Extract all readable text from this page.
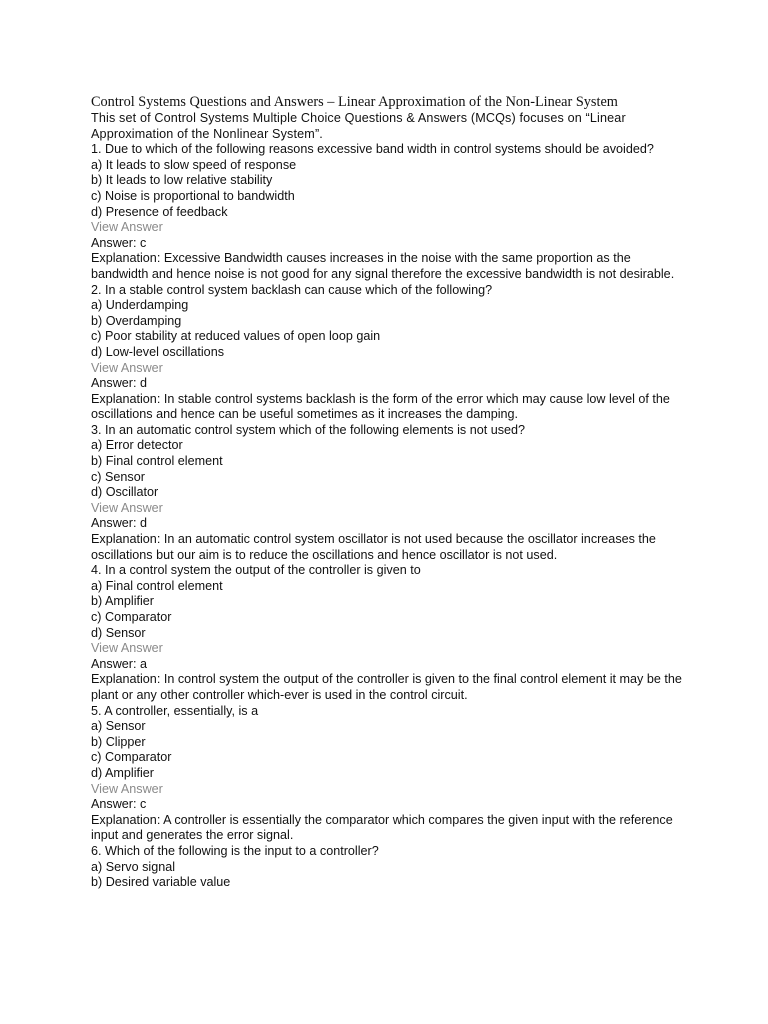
Control Systems Questions and Answers – Linear Approximation of the Non-Linear System
This set of Control Systems Multiple Choice Questions & Answers (MCQs) focuses on “Linear Approximation of the Nonlinear System”.
1. Due to which of the following reasons excessive band width in control systems should be avoided?
a) It leads to slow speed of response
b) It leads to low relative stability
c) Noise is proportional to bandwidth
d) Presence of feedback
View Answer
Answer: c
Explanation: Excessive Bandwidth causes increases in the noise with the same proportion as the bandwidth and hence noise is not good for any signal therefore the excessive bandwidth is not desirable.
2. In a stable control system backlash can cause which of the following?
a) Underdamping
b) Overdamping
c) Poor stability at reduced values of open loop gain
d) Low-level oscillations
View Answer
Answer: d
Explanation: In stable control systems backlash is the form of the error which may cause low level of the oscillations and hence can be useful sometimes as it increases the damping.
3. In an automatic control system which of the following elements is not used?
a) Error detector
b) Final control element
c) Sensor
d) Oscillator
View Answer
Answer: d
Explanation: In an automatic control system oscillator is not used because the oscillator increases the oscillations but our aim is to reduce the oscillations and hence oscillator is not used.
4. In a control system the output of the controller is given to
a) Final control element
b) Amplifier
c) Comparator
d) Sensor
View Answer
Answer: a
Explanation: In control system the output of the controller is given to the final control element it may be the plant or any other controller which-ever is used in the control circuit.
5. A controller, essentially, is a
a) Sensor
b) Clipper
c) Comparator
d) Amplifier
View Answer
Answer: c
Explanation: A controller is essentially the comparator which compares the given input with the reference input and generates the error signal.
6. Which of the following is the input to a controller?
a) Servo signal
b) Desired variable value
